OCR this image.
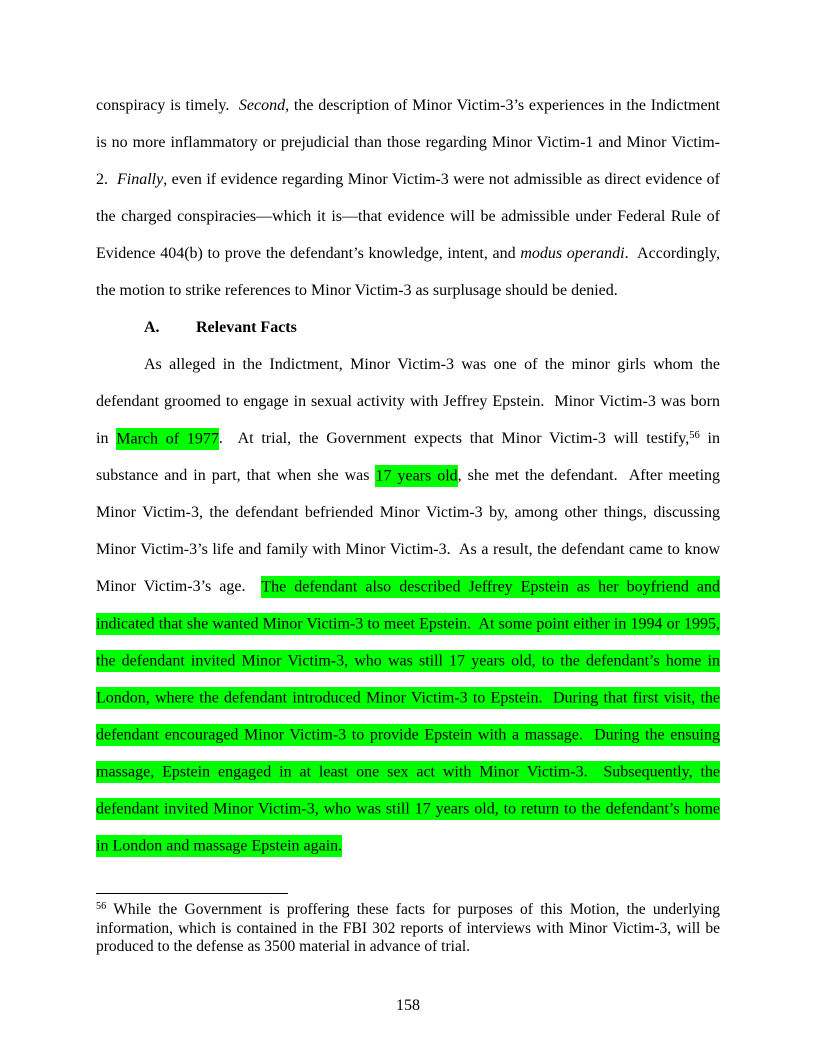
conspiracy is timely.  Second, the description of Minor Victim-3’s experiences in the Indictment is no more inflammatory or prejudicial than those regarding Minor Victim-1 and Minor Victim-2.  Finally, even if evidence regarding Minor Victim-3 were not admissible as direct evidence of the charged conspiracies—which it is—that evidence will be admissible under Federal Rule of Evidence 404(b) to prove the defendant’s knowledge, intent, and modus operandi.  Accordingly, the motion to strike references to Minor Victim-3 as surplusage should be denied.

A. Relevant Facts

As alleged in the Indictment, Minor Victim-3 was one of the minor girls whom the defendant groomed to engage in sexual activity with Jeffrey Epstein.  Minor Victim-3 was born in March of 1977.  At trial, the Government expects that Minor Victim-3 will testify,$^{56}$ in substance and in part, that when she was 17 years old, she met the defendant.  After meeting Minor Victim-3, the defendant befriended Minor Victim-3 by, among other things, discussing Minor Victim-3’s life and family with Minor Victim-3.  As a result, the defendant came to know Minor Victim-3’s age.  The defendant also described Jeffrey Epstein as her boyfriend and indicated that she wanted Minor Victim-3 to meet Epstein.  At some point either in 1994 or 1995, the defendant invited Minor Victim-3, who was still 17 years old, to the defendant’s home in London, where the defendant introduced Minor Victim-3 to Epstein.  During that first visit, the defendant encouraged Minor Victim-3 to provide Epstein with a massage.  During the ensuing massage, Epstein engaged in at least one sex act with Minor Victim-3.  Subsequently, the defendant invited Minor Victim-3, who was still 17 years old, to return to the defendant’s home in London and massage Epstein again.

$^{56}$ While the Government is proffering these facts for purposes of this Motion, the underlying information, which is contained in the FBI 302 reports of interviews with Minor Victim-3, will be produced to the defense as 3500 material in advance of trial.

158
